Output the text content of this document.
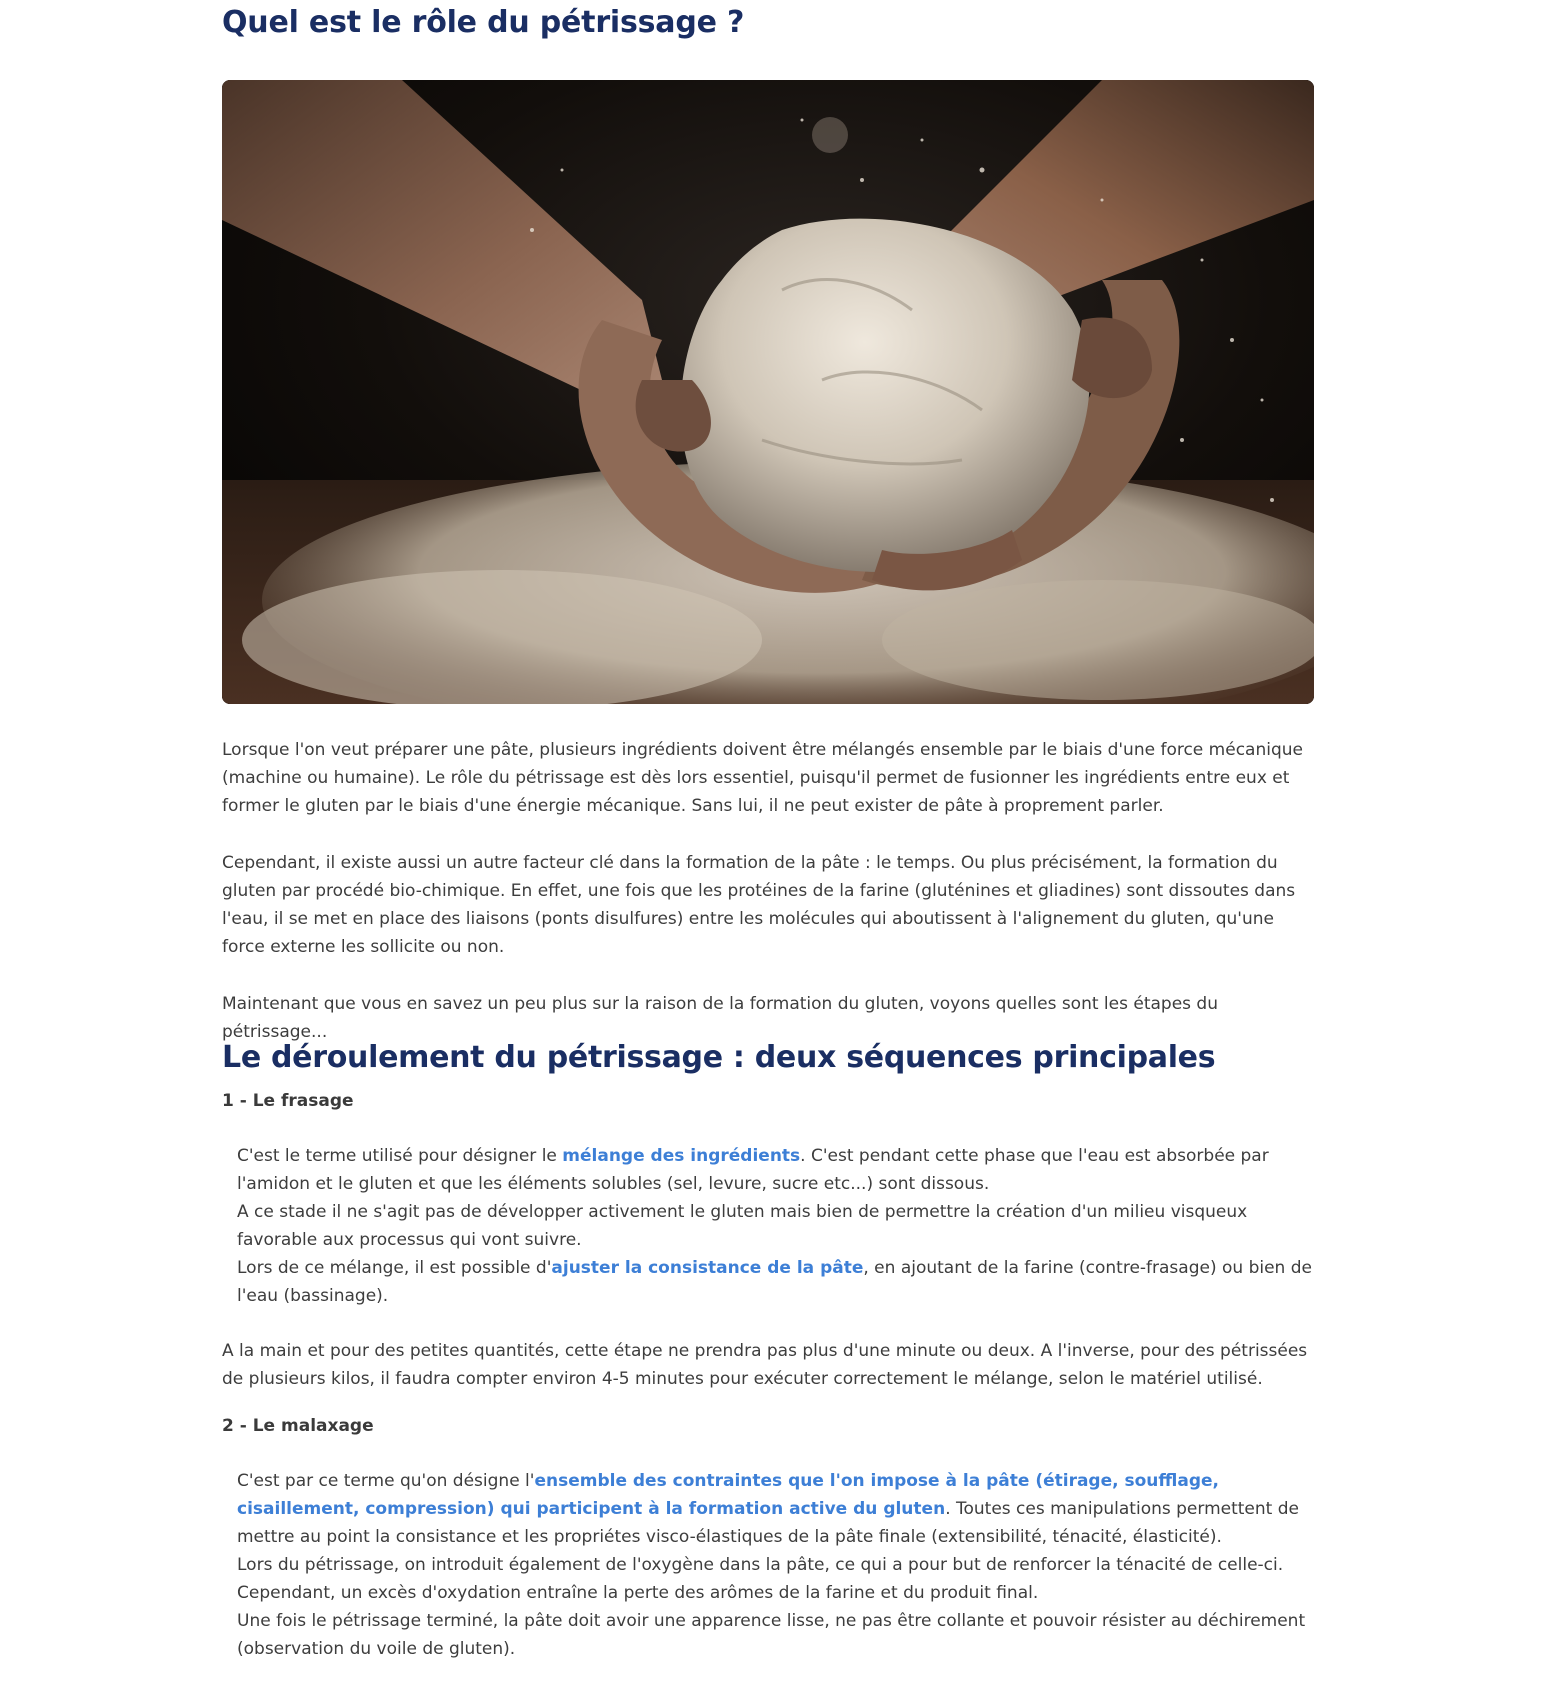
Quel est le rôle du pétrissage ?

Lorsque l'on veut préparer une pâte, plusieurs ingrédients doivent être mélangés ensemble par le biais d'une force mécanique (machine ou humaine). Le rôle du pétrissage est dès lors essentiel, puisqu'il permet de fusionner les ingrédients entre eux et former le gluten par le biais d'une énergie mécanique. Sans lui, il ne peut exister de pâte à proprement parler.

Cependant, il existe aussi un autre facteur clé dans la formation de la pâte : le temps. Ou plus précisément, la formation du gluten par procédé bio-chimique. En effet, une fois que les protéines de la farine (gluténines et gliadines) sont dissoutes dans l'eau, il se met en place des liaisons (ponts disulfures) entre les molécules qui aboutissent à l'alignement du gluten, qu'une force externe les sollicite ou non.

Maintenant que vous en savez un peu plus sur la raison de la formation du gluten, voyons quelles sont les étapes du pétrissage...

Le déroulement du pétrissage : deux séquences principales

1 - Le frasage

C'est le terme utilisé pour désigner le mélange des ingrédients. C'est pendant cette phase que l'eau est absorbée par l'amidon et le gluten et que les éléments solubles (sel, levure, sucre etc...) sont dissous.
A ce stade il ne s'agit pas de développer activement le gluten mais bien de permettre la création d'un milieu visqueux favorable aux processus qui vont suivre.
Lors de ce mélange, il est possible d'ajuster la consistance de la pâte, en ajoutant de la farine (contre-frasage) ou bien de l'eau (bassinage).

A la main et pour des petites quantités, cette étape ne prendra pas plus d'une minute ou deux. A l'inverse, pour des pétrissées de plusieurs kilos, il faudra compter environ 4-5 minutes pour exécuter correctement le mélange, selon le matériel utilisé.

2 - Le malaxage

C'est par ce terme qu'on désigne l'ensemble des contraintes que l'on impose à la pâte (étirage, soufflage, cisaillement, compression) qui participent à la formation active du gluten. Toutes ces manipulations permettent de mettre au point la consistance et les propriétes visco-élastiques de la pâte finale (extensibilité, ténacité, élasticité).
Lors du pétrissage, on introduit également de l'oxygène dans la pâte, ce qui a pour but de renforcer la ténacité de celle-ci. Cependant, un excès d'oxydation entraîne la perte des arômes de la farine et du produit final.
Une fois le pétrissage terminé, la pâte doit avoir une apparence lisse, ne pas être collante et pouvoir résister au déchirement (observation du voile de gluten).
